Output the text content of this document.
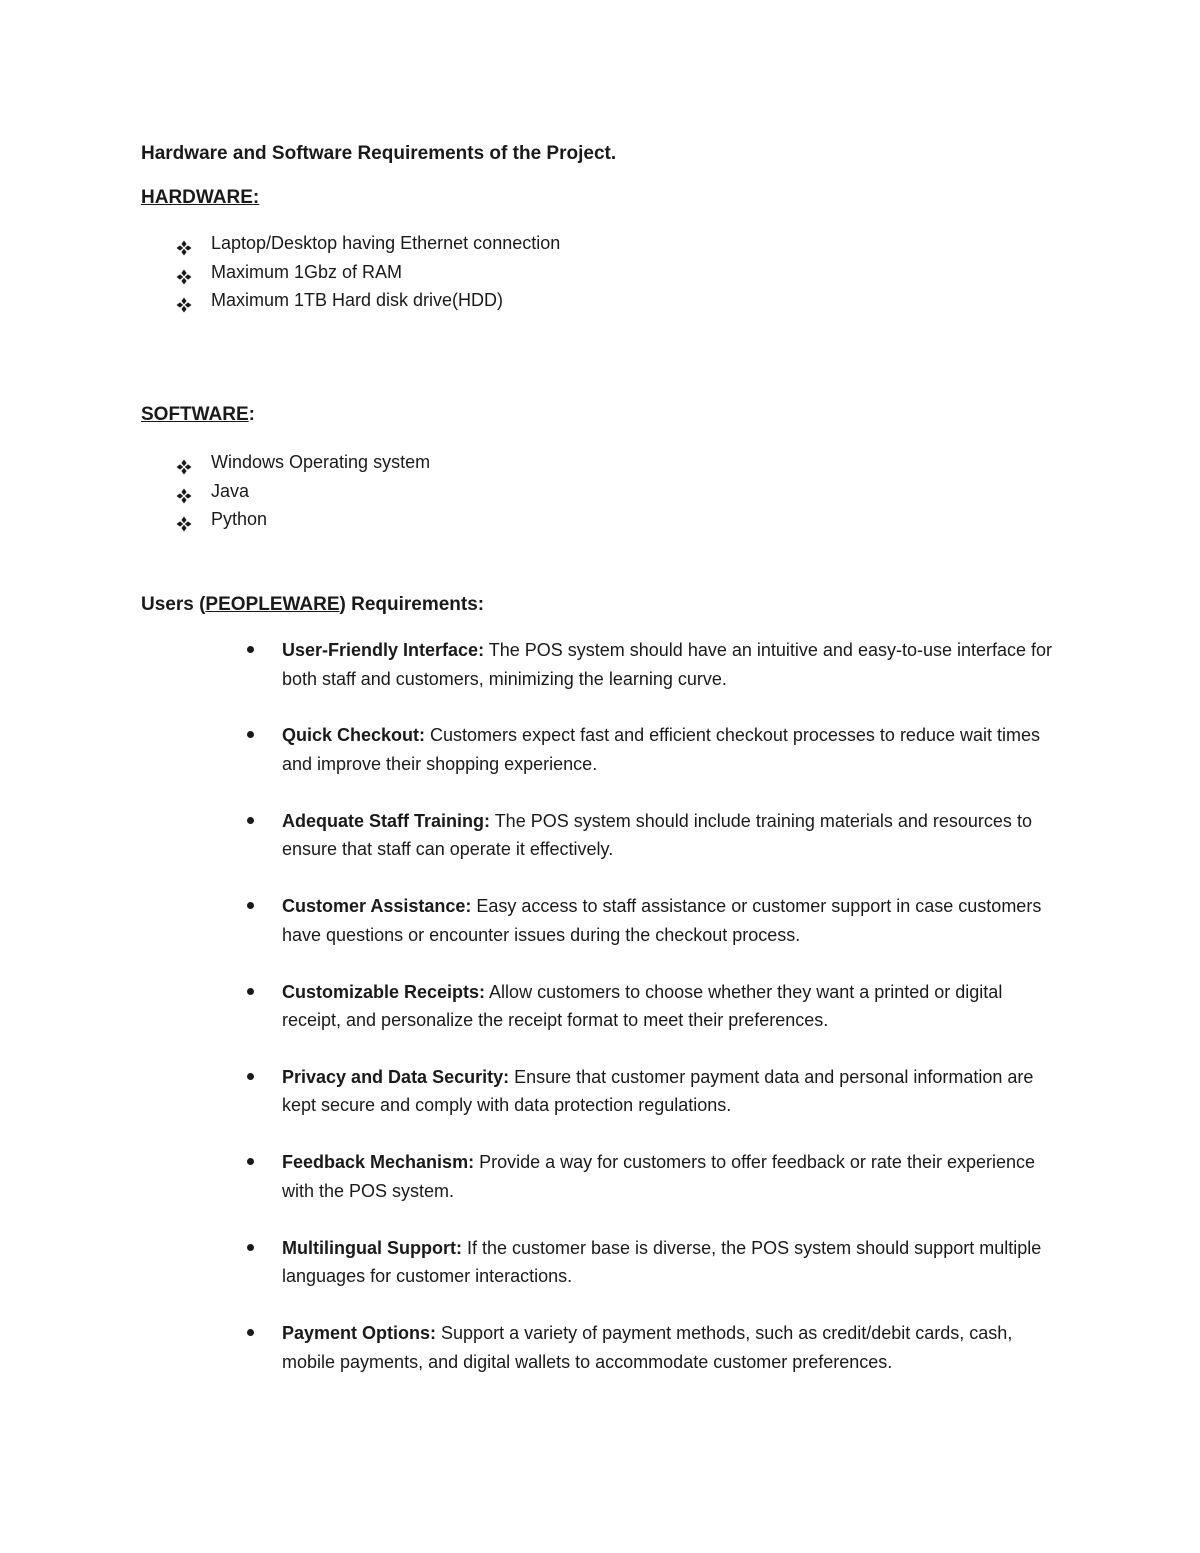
Hardware and Software Requirements of the Project.

HARDWARE:

Laptop/Desktop having Ethernet connection
Maximum 1Gbz of RAM
Maximum 1TB Hard disk drive(HDD)

SOFTWARE:

Windows Operating system
Java
Python

Users (PEOPLEWARE) Requirements:

User-Friendly Interface: The POS system should have an intuitive and easy-to-use interface for both staff and customers, minimizing the learning curve.
Quick Checkout: Customers expect fast and efficient checkout processes to reduce wait times and improve their shopping experience.
Adequate Staff Training: The POS system should include training materials and resources to ensure that staff can operate it effectively.
Customer Assistance: Easy access to staff assistance or customer support in case customers have questions or encounter issues during the checkout process.
Customizable Receipts: Allow customers to choose whether they want a printed or digital receipt, and personalize the receipt format to meet their preferences.
Privacy and Data Security: Ensure that customer payment data and personal information are kept secure and comply with data protection regulations.
Feedback Mechanism: Provide a way for customers to offer feedback or rate their experience with the POS system.
Multilingual Support: If the customer base is diverse, the POS system should support multiple languages for customer interactions.
Payment Options: Support a variety of payment methods, such as credit/debit cards, cash, mobile payments, and digital wallets to accommodate customer preferences.
